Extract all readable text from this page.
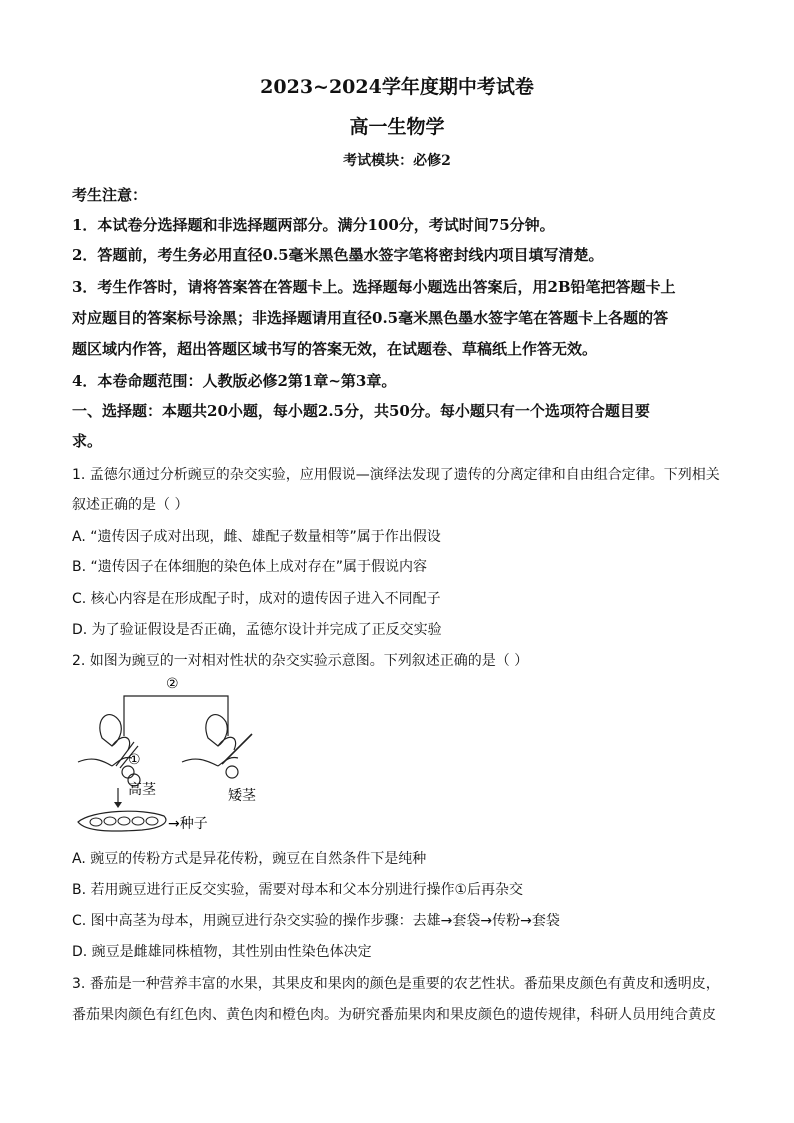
2023~2024学年度期中考试卷
高一生物学
考试模块：必修2
考生注意：
1．本试卷分选择题和非选择题两部分。满分100分，考试时间75分钟。
2．答题前，考生务必用直径0.5毫米黑色墨水签字笔将密封线内项目填写清楚。
3．考生作答时，请将答案答在答题卡上。选择题每小题选出答案后，用2B铅笔把答题卡上
对应题目的答案标号涂黑；非选择题请用直径0.5毫米黑色墨水签字笔在答题卡上各题的答
题区域内作答，超出答题区域书写的答案无效，在试题卷、草稿纸上作答无效。
4．本卷命题范围：人教版必修2第1章~第3章。
一、选择题：本题共20小题，每小题2.5分，共50分。每小题只有一个选项符合题目要
求。
1. 孟德尔通过分析豌豆的杂交实验，应用假说—演绎法发现了遗传的分离定律和自由组合定律。下列相关
叙述正确的是（ ）
A. “遗传因子成对出现，雌、雄配子数量相等”属于作出假设
B. “遗传因子在体细胞的染色体上成对存在”属于假说内容
C. 核心内容是在形成配子时，成对的遗传因子进入不同配子
D. 为了验证假设是否正确，孟德尔设计并完成了正反交实验
2. 如图为豌豆的一对相对性状的杂交实验示意图。下列叙述正确的是（ ）
②
①
高茎	矮茎
→种子
A. 豌豆的传粉方式是异花传粉，豌豆在自然条件下是纯种
B. 若用豌豆进行正反交实验，需要对母本和父本分别进行操作①后再杂交
C. 图中高茎为母本，用豌豆进行杂交实验的操作步骤：去雄→套袋→传粉→套袋
D. 豌豆是雌雄同株植物，其性别由性染色体决定
3. 番茄是一种营养丰富的水果，其果皮和果肉的颜色是重要的农艺性状。番茄果皮颜色有黄皮和透明皮，
番茄果肉颜色有红色肉、黄色肉和橙色肉。为研究番茄果肉和果皮颜色的遗传规律，科研人员用纯合黄皮
